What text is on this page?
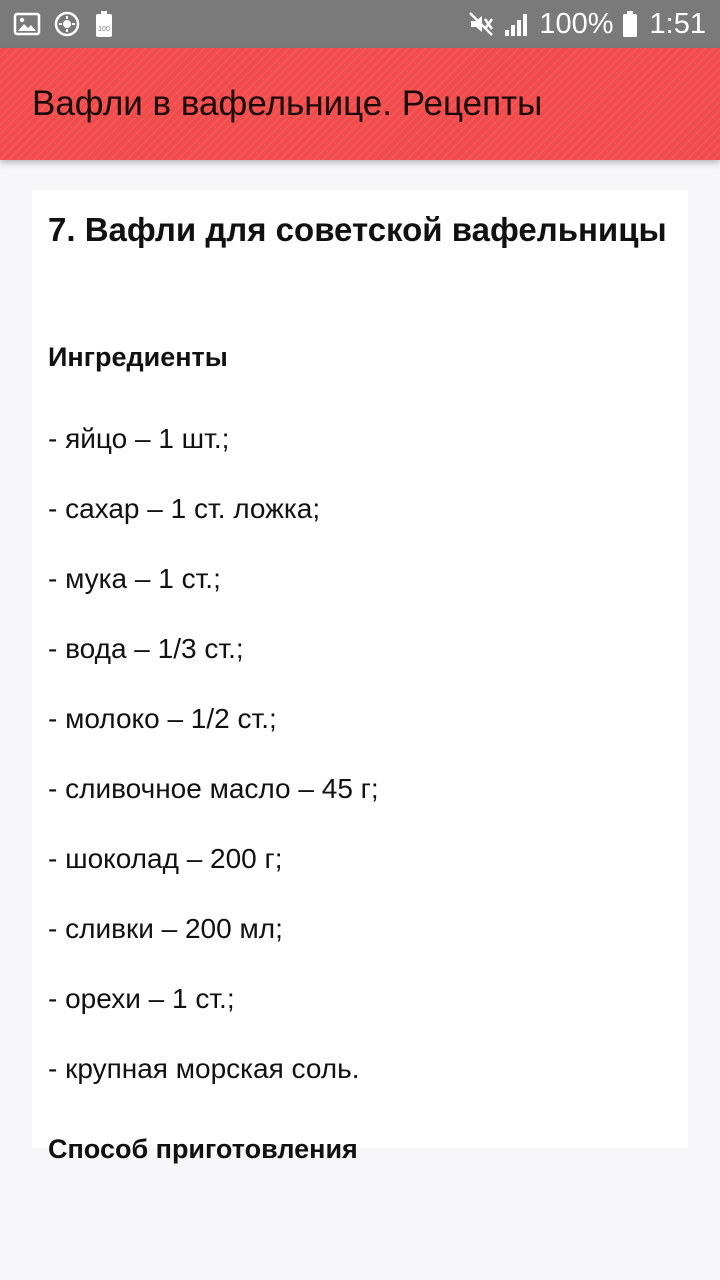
100	100% 1:51
Вафли в вафельнице. Рецепты
7. Вафли для советской вафельницы
Ингредиенты
- яйцо – 1 шт.;
- сахар – 1 ст. ложка;
- мука – 1 ст.;
- вода – 1/3 ст.;
- молоко – 1/2 ст.;
- сливочное масло – 45 г;
- шоколад – 200 г;
- сливки – 200 мл;
- орехи – 1 ст.;
- крупная морская соль.
Способ приготовления
